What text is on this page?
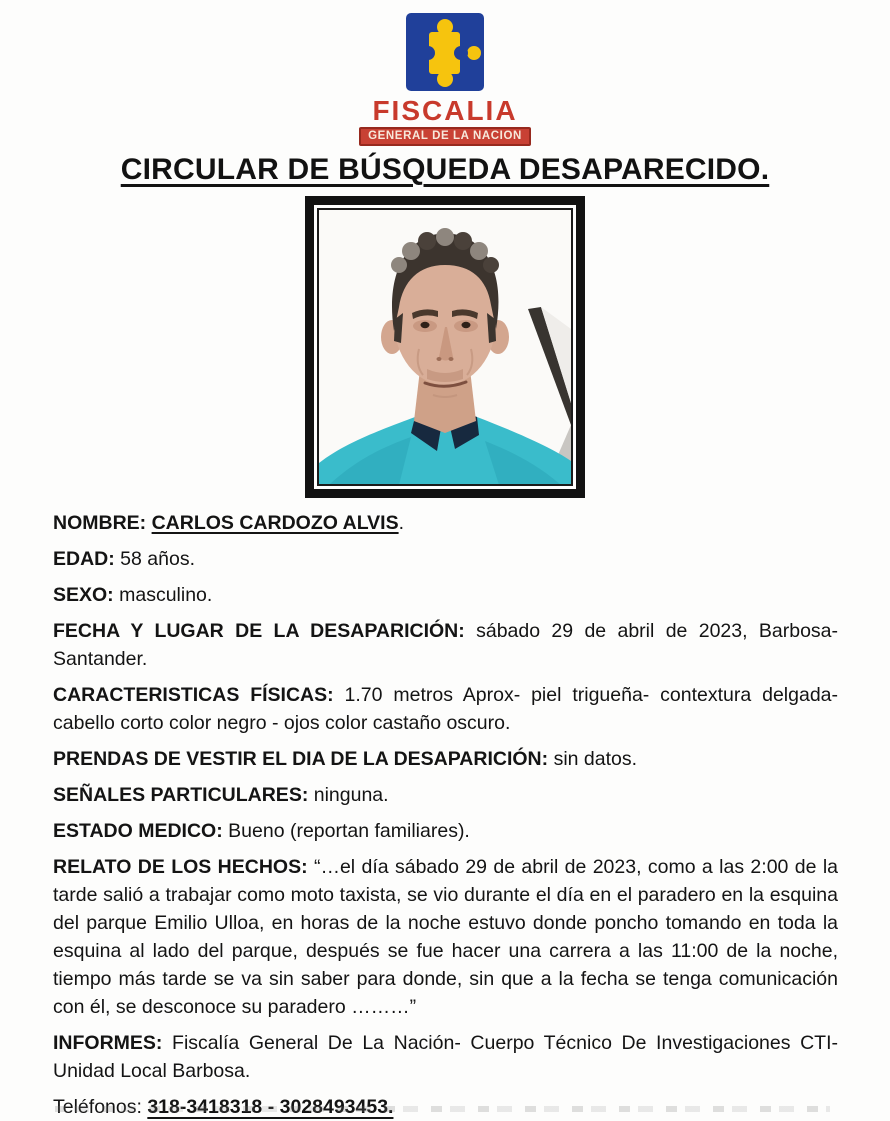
FISCALIA
GENERAL DE LA NACION
CIRCULAR DE BÚSQUEDA DESAPARECIDO.

NOMBRE: CARLOS CARDOZO ALVIS.

EDAD: 58 años.

SEXO: masculino.

FECHA Y LUGAR DE LA DESAPARICIÓN: sábado 29 de abril de 2023, Barbosa-Santander.

CARACTERISTICAS FÍSICAS: 1.70 metros Aprox- piel trigueña- contextura delgada- cabello corto color negro - ojos color castaño oscuro.

PRENDAS DE VESTIR EL DIA DE LA DESAPARICIÓN: sin datos.

SEÑALES PARTICULARES: ninguna.

ESTADO MEDICO: Bueno (reportan familiares).

RELATO DE LOS HECHOS: “…el día sábado 29 de abril de 2023, como a las 2:00 de la tarde salió a trabajar como moto taxista, se vio durante el día en el paradero en la esquina del parque Emilio Ulloa, en horas de la noche estuvo donde poncho tomando en toda la esquina al lado del parque, después se fue hacer una carrera a las 11:00 de la noche, tiempo más tarde se va sin saber para donde, sin que a la fecha se tenga comunicación con él, se desconoce su paradero ………”

INFORMES: Fiscalía General De La Nación- Cuerpo Técnico De Investigaciones CTI- Unidad Local Barbosa.

Teléfonos: 318-3418318 - 3028493453.
